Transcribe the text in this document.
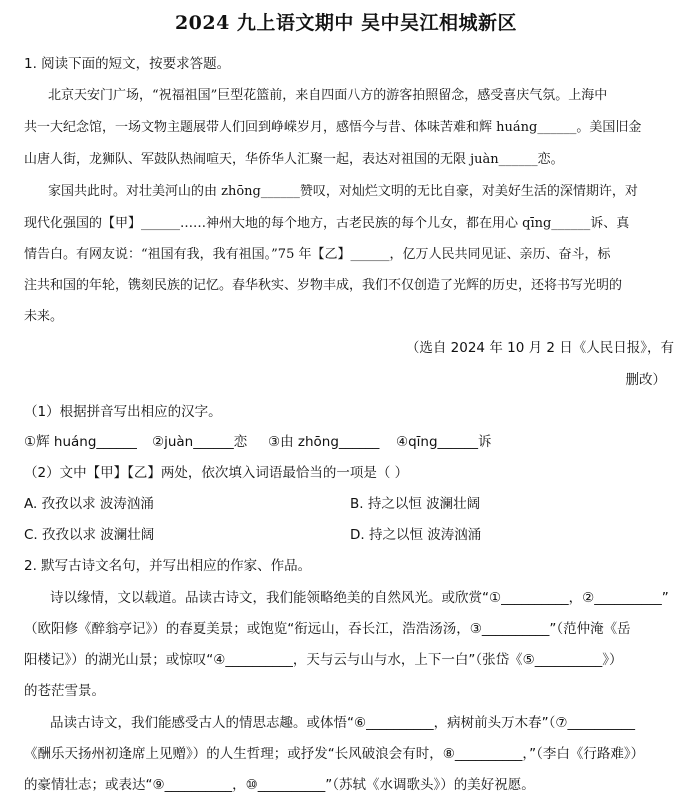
2024 九上语文期中 吴中吴江相城新区
1. 阅读下面的短文，按要求答题。
北京天安门广场，“祝福祖国”巨型花篮前，来自四面八方的游客拍照留念，感受喜庆气氛。上海中
共一大纪念馆，一场文物主题展带人们回到峥嵘岁月，感悟今与昔、体味苦难和辉 huáng______。美国旧金
山唐人街，龙狮队、军鼓队热闹喧天，华侨华人汇聚一起，表达对祖国的无限 juàn______恋。
家国共此时。对壮美河山的由 zhōng______赞叹，对灿烂文明的无比自豪，对美好生活的深情期许，对
现代化强国的【甲】______……神州大地的每个地方，古老民族的每个儿女，都在用心 qīng______诉、真
情告白。有网友说：“祖国有我，我有祖国。”75 年【乙】______，亿万人民共同见证、亲历、奋斗，标
注共和国的年轮，镌刻民族的记忆。春华秋实、岁物丰成，我们不仅创造了光辉的历史，还将书写光明的
未来。
（选自 2024 年 10 月 2 日《人民日报》，有
删改）
（1）根据拼音写出相应的汉字。
①辉 huáng______ ②juàn______恋 ③由 zhōng______ ④qīng______诉
（2）文中【甲】【乙】两处，依次填入词语最恰当的一项是（ ）
A. 孜孜以求 波涛汹涌	B. 持之以恒 波澜壮阔
C. 孜孜以求 波澜壮阔	D. 持之以恒 波涛汹涌
2. 默写古诗文名句，并写出相应的作家、作品。
诗以缘情，文以载道。品读古诗文，我们能领略绝美的自然风光。或欣赏“①__________，②__________”
（欧阳修《醉翁亭记》）的春夏美景；或饱览“衔远山，吞长江，浩浩汤汤，③__________”（范仲淹《岳
阳楼记》）的湖光山景；或惊叹“④__________，天与云与山与水，上下一白”（张岱《⑤__________》）
的苍茫雪景。
品读古诗文，我们能感受古人的情思志趣。或体悟“⑥__________，病树前头万木春”（⑦__________
《酬乐天扬州初逢席上见赠》）的人生哲理；或抒发“长风破浪会有时，⑧__________，”（李白《行路难》）
的豪情壮志；或表达“⑨__________，⑩__________”（苏轼《水调歌头》）的美好祝愿。
